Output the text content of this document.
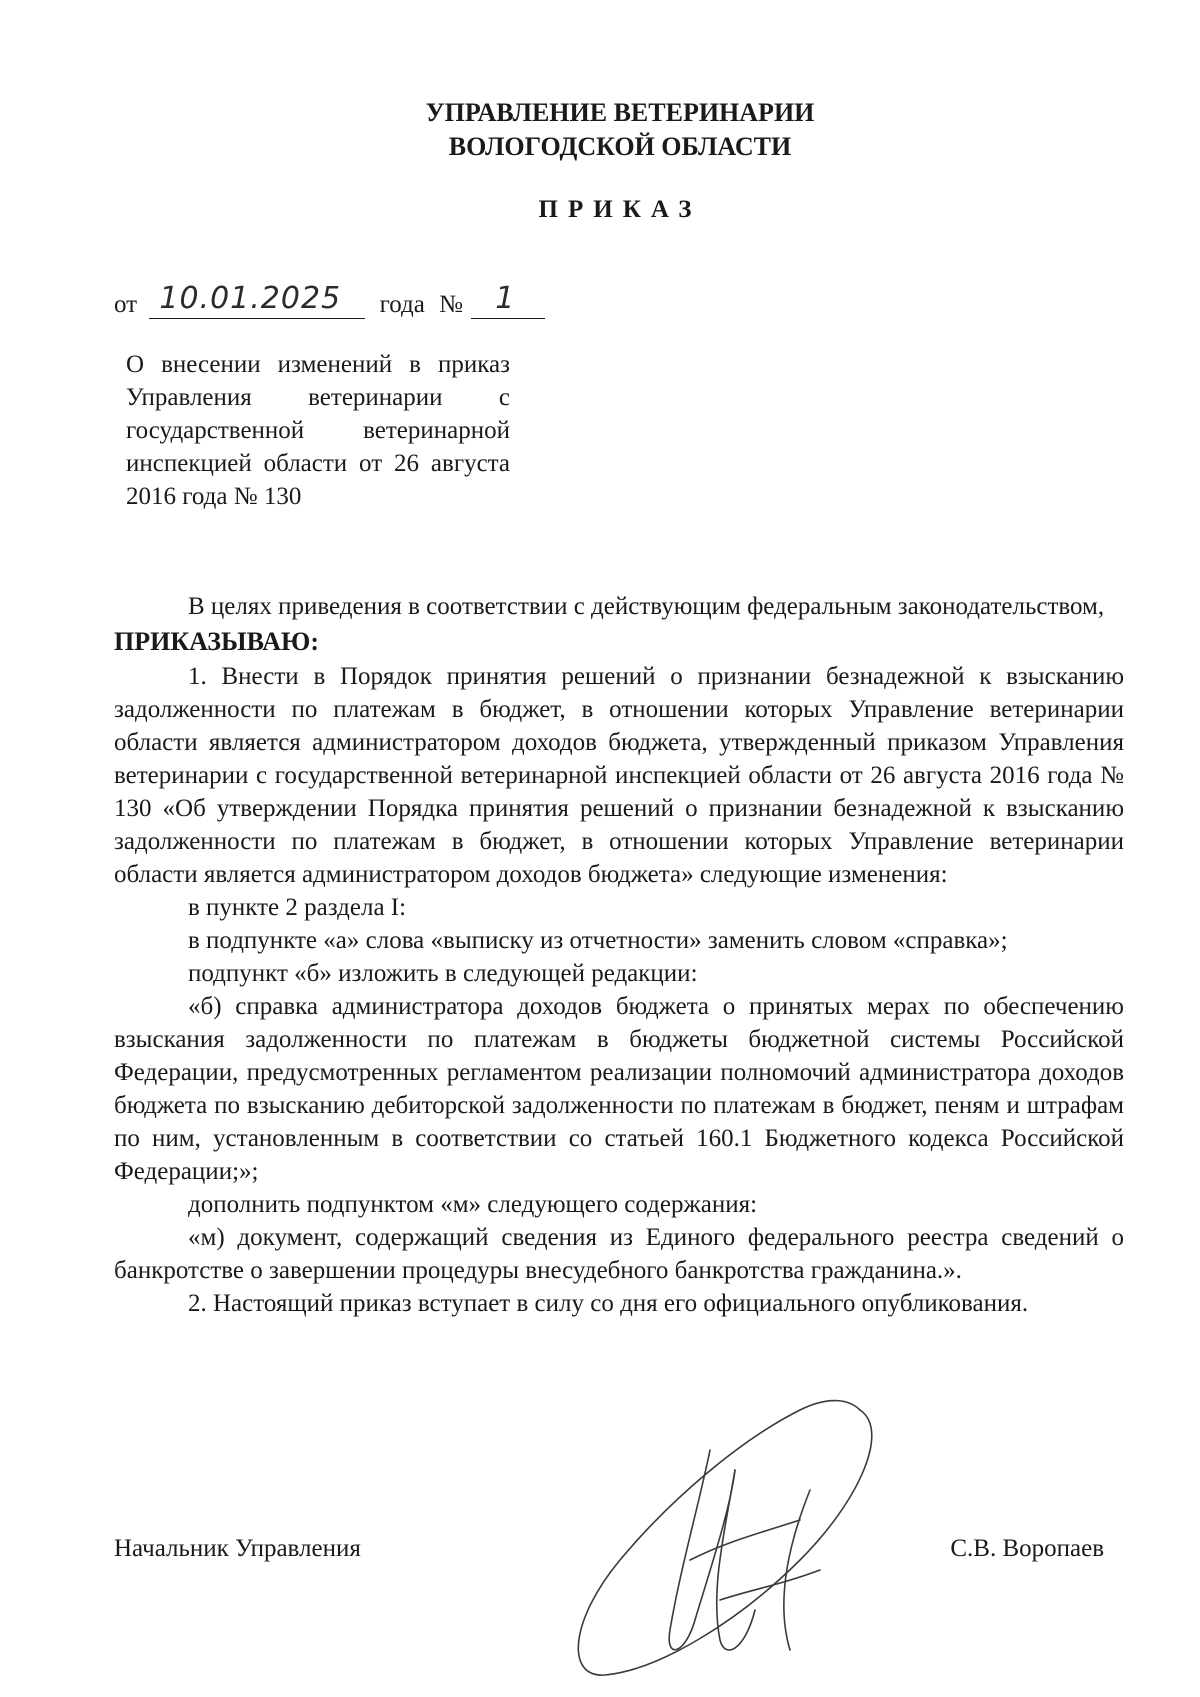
УПРАВЛЕНИЕ ВЕТЕРИНАРИИ
ВОЛОГОДСКОЙ ОБЛАСТИ
ПРИКАЗ
от 10.01.2025 года № 1
О внесении изменений в приказ Управления ветеринарии с государственной ветеринарной инспекцией области от 26 августа 2016 года № 130

В целях приведения в соответствии с действующим федеральным законодательством,

ПРИКАЗЫВАЮ:

1. Внести в Порядок принятия решений о признании безнадежной к взысканию задолженности по платежам в бюджет, в отношении которых Управление ветеринарии области является администратором доходов бюджета, утвержденный приказом Управления ветеринарии с государственной ветеринарной инспекцией области от 26 августа 2016 года № 130 «Об утверждении Порядка принятия решений о признании безнадежной к взысканию задолженности по платежам в бюджет, в отношении которых Управление ветеринарии области является администратором доходов бюджета» следующие изменения:

в пункте 2 раздела I:

в подпункте «а» слова «выписку из отчетности» заменить словом «справка»;

подпункт «б» изложить в следующей редакции:

«б) справка администратора доходов бюджета о принятых мерах по обеспечению взыскания задолженности по платежам в бюджеты бюджетной системы Российской Федерации, предусмотренных регламентом реализации полномочий администратора доходов бюджета по взысканию дебиторской задолженности по платежам в бюджет, пеням и штрафам по ним, установленным в соответствии со статьей 160.1 Бюджетного кодекса Российской Федерации;»;

дополнить подпунктом «м» следующего содержания:

«м) документ, содержащий сведения из Единого федерального реестра сведений о банкротстве о завершении процедуры внесудебного банкротства гражданина.».

2. Настоящий приказ вступает в силу со дня его официального опубликования.

Начальник Управления	С.В. Воропаев
